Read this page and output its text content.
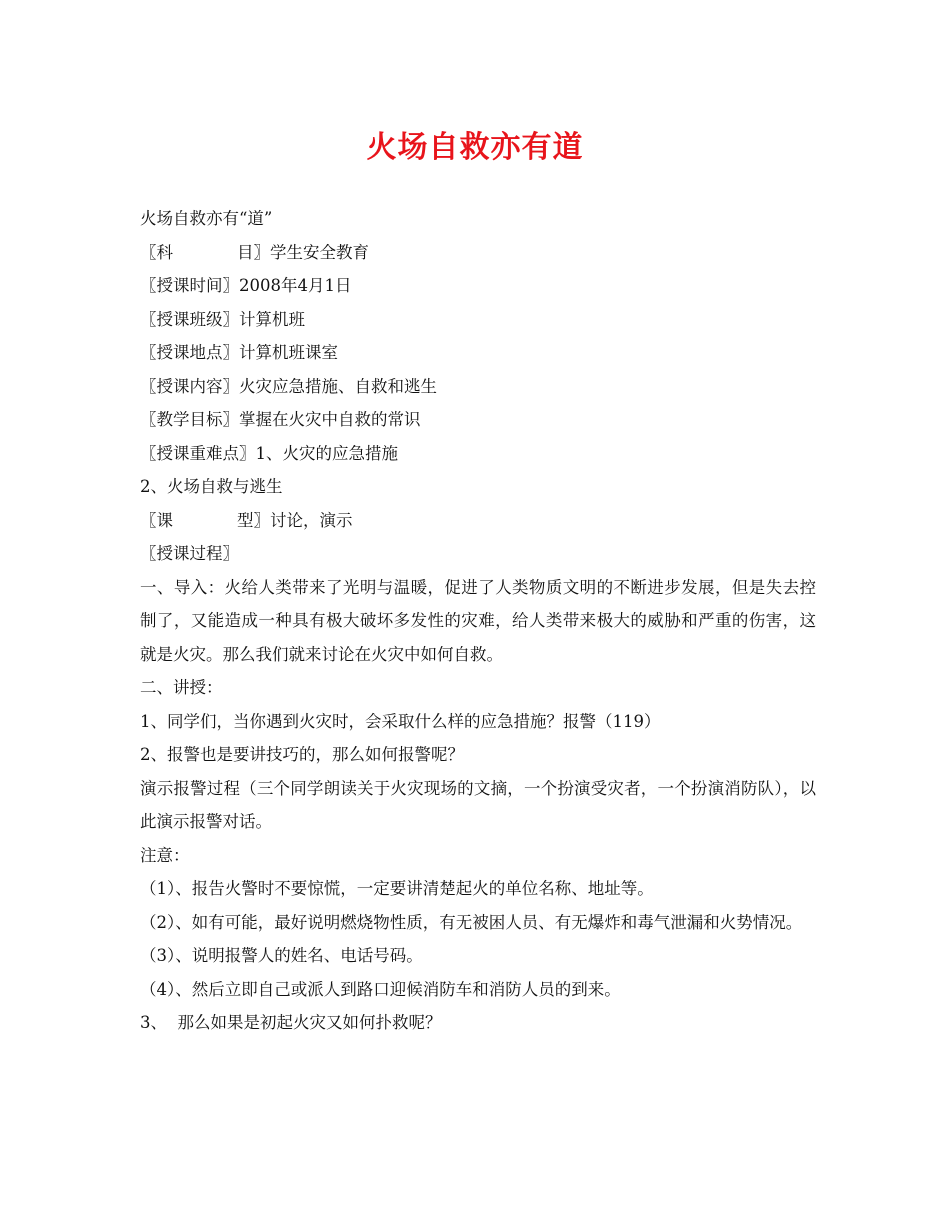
火场自救亦有道
火场自救亦有“道”
〖科	目〗学生安全教育
〖授课时间〗2008年4月1日
〖授课班级〗计算机班
〖授课地点〗计算机班课室
〖授课内容〗火灾应急措施、自救和逃生
〖教学目标〗掌握在火灾中自救的常识
〖授课重难点〗1、火灾的应急措施
2、火场自救与逃生
〖课	型〗讨论，演示
〖授课过程〗
一、导入：火给人类带来了光明与温暖，促进了人类物质文明的不断进步发展，但是失去控制了，又能造成一种具有极大破坏多发性的灾难，给人类带来极大的威胁和严重的伤害，这就是火灾。那么我们就来讨论在火灾中如何自救。
二、讲授：
1、同学们，当你遇到火灾时，会采取什么样的应急措施？报警（119）
2、报警也是要讲技巧的，那么如何报警呢？
演示报警过程（三个同学朗读关于火灾现场的文摘，一个扮演受灾者，一个扮演消防队），以此演示报警对话。
注意：
（1）、报告火警时不要惊慌，一定要讲清楚起火的单位名称、地址等。
（2）、如有可能，最好说明燃烧物性质，有无被困人员、有无爆炸和毒气泄漏和火势情况。
（3）、说明报警人的姓名、电话号码。
（4）、然后立即自己或派人到路口迎候消防车和消防人员的到来。
3、  那么如果是初起火灾又如何扑救呢？
